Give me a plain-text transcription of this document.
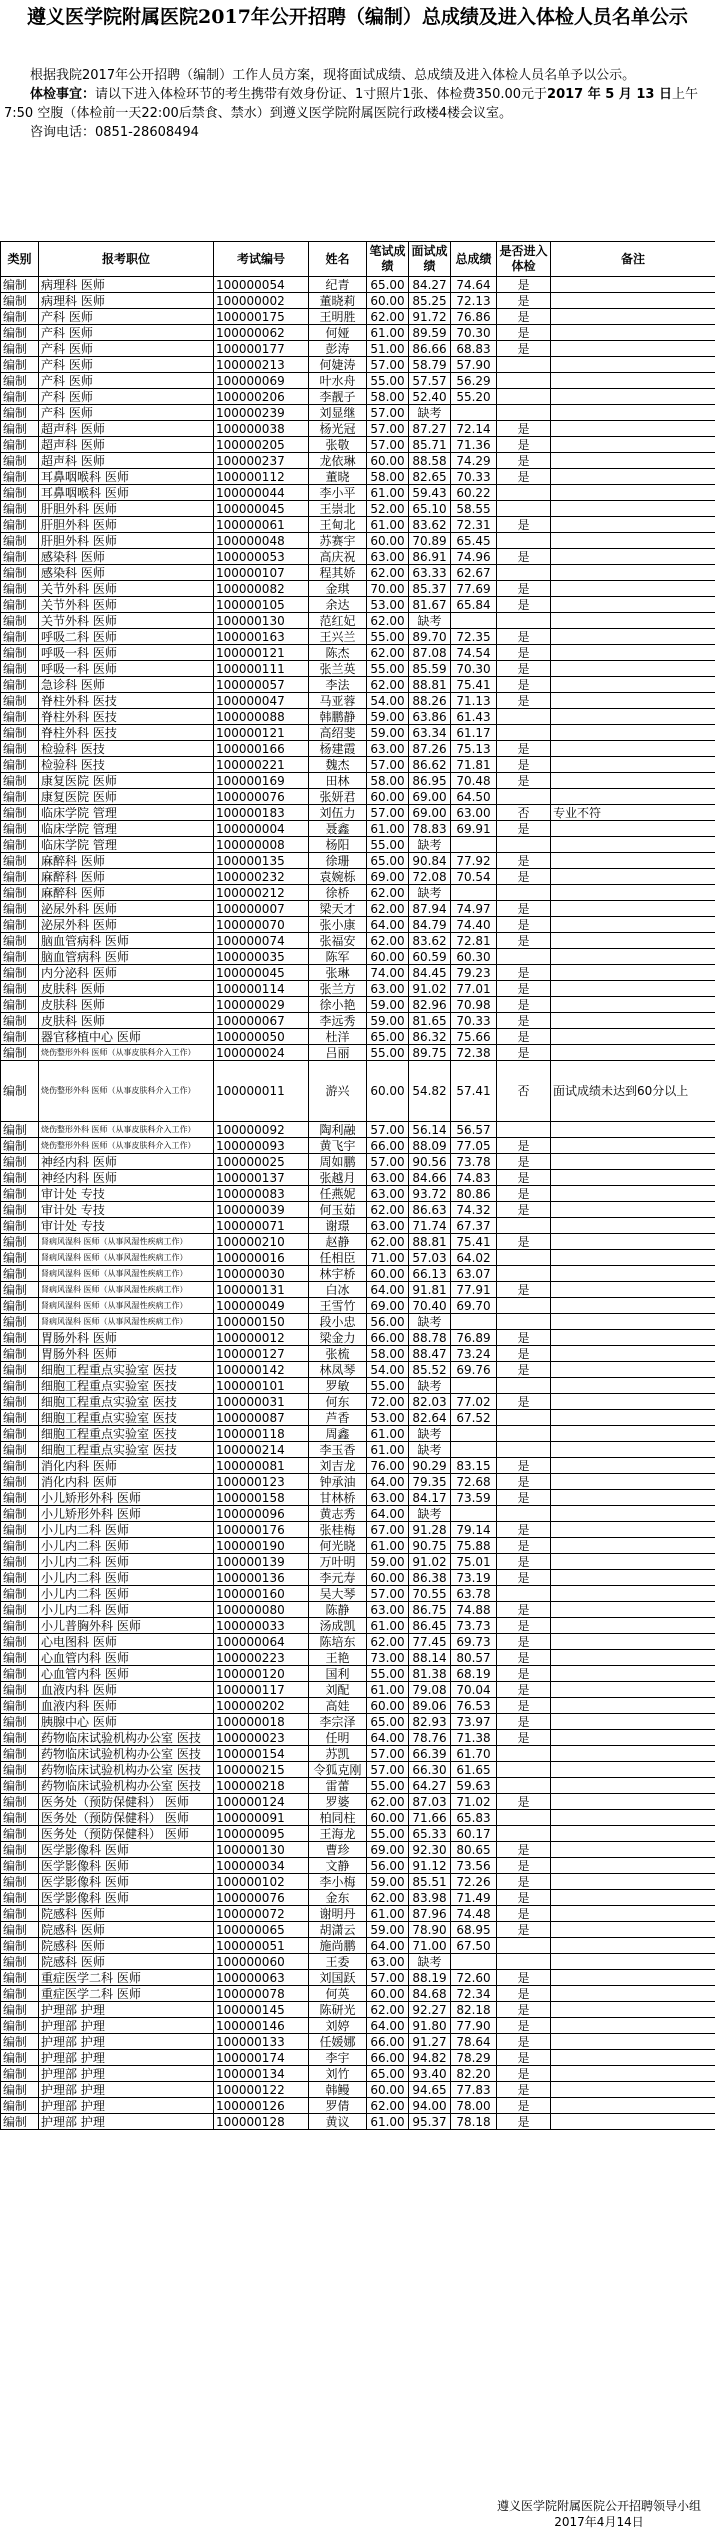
遵义医学院附属医院2017年公开招聘（编制）总成绩及进入体检人员名单公示

根据我院2017年公开招聘（编制）工作人员方案，现将面试成绩、总成绩及进入体检人员名单予以公示。

体检事宜：请以下进入体检环节的考生携带有效身份证、1寸照片1张、体检费350.00元于2017 年 5 月 13 日上午 7:50 空腹（体检前一天22:00后禁食、禁水）到遵义医学院附属医院行政楼4楼会议室。

咨询电话：0851-28608494

类别	报考职位	考试编号	姓名	笔试成绩	面试成绩	总成绩	是否进入体检	备注
编制	病理科 医师	100000054	纪青	65.00	84.27	74.64	是	
编制	病理科 医师	100000002	董晓莉	60.00	85.25	72.13	是	
编制	产科 医师	100000175	王明胜	62.00	91.72	76.86	是	
编制	产科 医师	100000062	何娅	61.00	89.59	70.30	是	
编制	产科 医师	100000177	彭涛	51.00	86.66	68.83	是	
编制	产科 医师	100000213	何婕涛	57.00	58.79	57.90		
编制	产科 医师	100000069	叶水舟	55.00	57.57	56.29		
编制	产科 医师	100000206	李靓子	58.00	52.40	55.20		
编制	产科 医师	100000239	刘显继	57.00	缺考			
编制	超声科 医师	100000038	杨光冠	57.00	87.27	72.14	是	
编制	超声科 医师	100000205	张敬	57.00	85.71	71.36	是	
编制	超声科 医师	100000237	龙依琳	60.00	88.58	74.29	是	
编制	耳鼻咽喉科 医师	100000112	董晓	58.00	82.65	70.33	是	
编制	耳鼻咽喉科 医师	100000044	李小平	61.00	59.43	60.22		
编制	肝胆外科 医师	100000045	王崇北	52.00	65.10	58.55		
编制	肝胆外科 医师	100000061	王甸北	61.00	83.62	72.31	是	
编制	肝胆外科 医师	100000048	苏赛宇	60.00	70.89	65.45		
编制	感染科 医师	100000053	高庆祝	63.00	86.91	74.96	是	
编制	感染科 医师	100000107	程其娇	62.00	63.33	62.67		
编制	关节外科 医师	100000082	金琪	70.00	85.37	77.69	是	
编制	关节外科 医师	100000105	余达	53.00	81.67	65.84	是	
编制	关节外科 医师	100000130	范红妃	62.00	缺考			
编制	呼吸二科 医师	100000163	王兴兰	55.00	89.70	72.35	是	
编制	呼吸一科 医师	100000121	陈杰	62.00	87.08	74.54	是	
编制	呼吸一科 医师	100000111	张兰英	55.00	85.59	70.30	是	
编制	急诊科 医师	100000057	李法	62.00	88.81	75.41	是	
编制	脊柱外科 医技	100000047	马亚蓉	54.00	88.26	71.13	是	
编制	脊柱外科 医技	100000088	韩鹏静	59.00	63.86	61.43		
编制	脊柱外科 医技	100000121	高绍斐	59.00	63.34	61.17		
编制	检验科 医技	100000166	杨建霞	63.00	87.26	75.13	是	
编制	检验科 医技	100000221	魏杰	57.00	86.62	71.81	是	
编制	康复医院 医师	100000169	田林	58.00	86.95	70.48	是	
编制	康复医院 医师	100000076	张妍君	60.00	69.00	64.50		
编制	临床学院 管理	100000183	刘伍力	57.00	69.00	63.00	否	专业不符
编制	临床学院 管理	100000004	聂鑫	61.00	78.83	69.91	是	
编制	临床学院 管理	100000008	杨阳	55.00	缺考			
编制	麻醉科 医师	100000135	徐珊	65.00	90.84	77.92	是	
编制	麻醉科 医师	100000232	袁婉栎	69.00	72.08	70.54	是	
编制	麻醉科 医师	100000212	徐桥	62.00	缺考			
编制	泌尿外科 医师	100000007	梁天才	62.00	87.94	74.97	是	
编制	泌尿外科 医师	100000070	张小康	64.00	84.79	74.40	是	
编制	脑血管病科 医师	100000074	张福安	62.00	83.62	72.81	是	
编制	脑血管病科 医师	100000035	陈军	60.00	60.59	60.30		
编制	内分泌科 医师	100000045	张琳	74.00	84.45	79.23	是	
编制	皮肤科 医师	100000114	张兰方	63.00	91.02	77.01	是	
编制	皮肤科 医师	100000029	徐小艳	59.00	82.96	70.98	是	
编制	皮肤科 医师	100000067	李远秀	59.00	81.65	70.33	是	
编制	器官移植中心 医师	100000050	杜洋	65.00	86.32	75.66	是	
编制	烧伤整形外科 医师（从事皮肤科介入工作）	100000024	吕丽	55.00	89.75	72.38	是	
编制	烧伤整形外科 医师（从事皮肤科介入工作）	100000011	游兴	60.00	54.82	57.41	否	面试成绩未达到60分以上
编制	烧伤整形外科 医师（从事皮肤科介入工作）	100000092	陶利融	57.00	56.14	56.57		
编制	烧伤整形外科 医师（从事皮肤科介入工作）	100000093	黄飞宇	66.00	88.09	77.05	是	
编制	神经内科 医师	100000025	周如鹏	57.00	90.56	73.78	是	
编制	神经内科 医师	100000137	张越月	63.00	84.66	74.83	是	
编制	审计处 专技	100000083	任燕妮	63.00	93.72	80.86	是	
编制	审计处 专技	100000039	何玉茹	62.00	86.63	74.32	是	
编制	审计处 专技	100000071	谢璟	63.00	71.74	67.37		
编制	肾病风湿科 医师（从事风湿性疾病工作）	100000210	赵静	62.00	88.81	75.41	是	
编制	肾病风湿科 医师（从事风湿性疾病工作）	100000016	任相臣	71.00	57.03	64.02		
编制	肾病风湿科 医师（从事风湿性疾病工作）	100000030	林宇桥	60.00	66.13	63.07		
编制	肾病风湿科 医师（从事风湿性疾病工作）	100000131	白冰	64.00	91.81	77.91	是	
编制	肾病风湿科 医师（从事风湿性疾病工作）	100000049	王雪竹	69.00	70.40	69.70		
编制	肾病风湿科 医师（从事风湿性疾病工作）	100000150	段小忠	56.00	缺考			
编制	胃肠外科 医师	100000012	梁金力	66.00	88.78	76.89	是	
编制	胃肠外科 医师	100000127	张梳	58.00	88.47	73.24	是	
编制	细胞工程重点实验室 医技	100000142	林凤琴	54.00	85.52	69.76	是	
编制	细胞工程重点实验室 医技	100000101	罗敏	55.00	缺考			
编制	细胞工程重点实验室 医技	100000031	何东	72.00	82.03	77.02	是	
编制	细胞工程重点实验室 医技	100000087	芦香	53.00	82.64	67.52		
编制	细胞工程重点实验室 医技	100000118	周鑫	61.00	缺考			
编制	细胞工程重点实验室 医技	100000214	李玉香	61.00	缺考			
编制	消化内科 医师	100000081	刘吉龙	76.00	90.29	83.15	是	
编制	消化内科 医师	100000123	钟承油	64.00	79.35	72.68	是	
编制	小儿矫形外科 医师	100000158	甘林桥	63.00	84.17	73.59	是	
编制	小儿矫形外科 医师	100000096	黄志秀	64.00	缺考			
编制	小儿内二科 医师	100000176	张桂梅	67.00	91.28	79.14	是	
编制	小儿内二科 医师	100000190	何光晓	61.00	90.75	75.88	是	
编制	小儿内二科 医师	100000139	万叶明	59.00	91.02	75.01	是	
编制	小儿内二科 医师	100000136	李元寿	60.00	86.38	73.19	是	
编制	小儿内二科 医师	100000160	吴大琴	57.00	70.55	63.78		
编制	小儿内二科 医师	100000080	陈静	63.00	86.75	74.88	是	
编制	小儿普胸外科 医师	100000033	汤成凯	61.00	86.45	73.73	是	
编制	心电图科 医师	100000064	陈培东	62.00	77.45	69.73	是	
编制	心血管内科 医师	100000223	王艳	73.00	88.14	80.57	是	
编制	心血管内科 医师	100000120	国利	55.00	81.38	68.19	是	
编制	血液内科 医师	100000117	刘配	61.00	79.08	70.04	是	
编制	血液内科 医师	100000202	高娃	60.00	89.06	76.53	是	
编制	胰腺中心 医师	100000018	李宗泽	65.00	82.93	73.97	是	
编制	药物临床试验机构办公室 医技	100000023	任明	64.00	78.76	71.38	是	
编制	药物临床试验机构办公室 医技	100000154	苏凯	57.00	66.39	61.70		
编制	药物临床试验机构办公室 医技	100000215	令狐克刚	57.00	66.30	61.65		
编制	药物临床试验机构办公室 医技	100000218	雷蕾	55.00	64.27	59.63		
编制	医务处（预防保健科） 医师	100000124	罗婆	62.00	87.03	71.02	是	
编制	医务处（预防保健科） 医师	100000091	柏同柱	60.00	71.66	65.83		
编制	医务处（预防保健科） 医师	100000095	王海龙	55.00	65.33	60.17		
编制	医学影像科 医师	100000130	曹珍	69.00	92.30	80.65	是	
编制	医学影像科 医师	100000034	文静	56.00	91.12	73.56	是	
编制	医学影像科 医师	100000102	李小梅	59.00	85.51	72.26	是	
编制	医学影像科 医师	100000076	金东	62.00	83.98	71.49	是	
编制	院感科 医师	100000072	谢明丹	61.00	87.96	74.48	是	
编制	院感科 医师	100000065	胡潇云	59.00	78.90	68.95	是	
编制	院感科 医师	100000051	施尚鹏	64.00	71.00	67.50		
编制	院感科 医师	100000060	王委	63.00	缺考			
编制	重症医学二科 医师	100000063	刘国跃	57.00	88.19	72.60	是	
编制	重症医学二科 医师	100000078	何英	60.00	84.68	72.34	是	
编制	护理部 护理	100000145	陈研光	62.00	92.27	82.18	是	
编制	护理部 护理	100000146	刘婷	64.00	91.80	77.90	是	
编制	护理部 护理	100000133	任媛娜	66.00	91.27	78.64	是	
编制	护理部 护理	100000174	李宇	66.00	94.82	78.29	是	
编制	护理部 护理	100000134	刘竹	65.00	93.40	82.20	是	
编制	护理部 护理	100000122	韩鳗	60.00	94.65	77.83	是	
编制	护理部 护理	100000126	罗倩	62.00	94.00	78.00	是	
编制	护理部 护理	100000128	黄议	61.00	95.37	78.18	是	
遵义医学院附属医院公开招聘领导小组
2017年4月14日
